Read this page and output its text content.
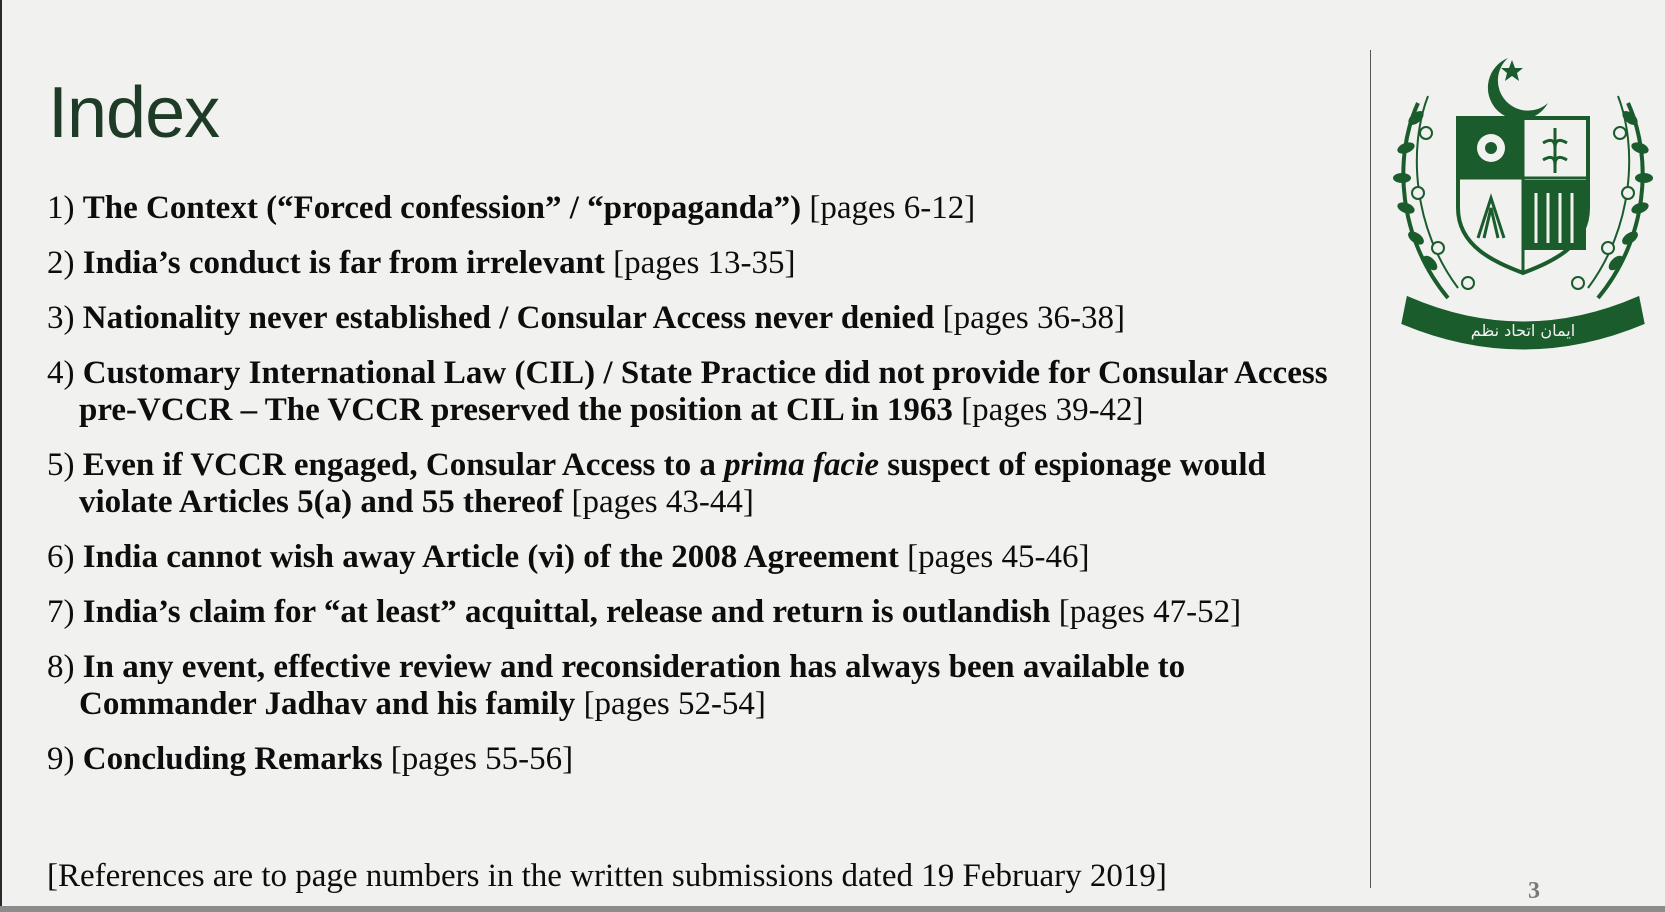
Index
1) The Context (“Forced confession” / “propaganda”) [pages 6-12]
2) India’s conduct is far from irrelevant [pages 13-35]
3) Nationality never established / Consular Access never denied [pages 36-38]
4) Customary International Law (CIL) / State Practice did not provide for Consular Access pre-VCCR – The VCCR preserved the position at CIL in 1963 [pages 39-42]
5) Even if VCCR engaged, Consular Access to a prima facie suspect of espionage would violate Articles 5(a) and 55 thereof [pages 43-44]
6) India cannot wish away Article (vi) of the 2008 Agreement [pages 45-46]
7) India’s claim for “at least” acquittal, release and return is outlandish [pages 47-52]
8) In any event, effective review and reconsideration has always been available to Commander Jadhav and his family [pages 52-54]
9) Concluding Remarks [pages 55-56]

[References are to page numbers in the written submissions dated 19 February 2019]

ایمان اتحاد نظم
3
